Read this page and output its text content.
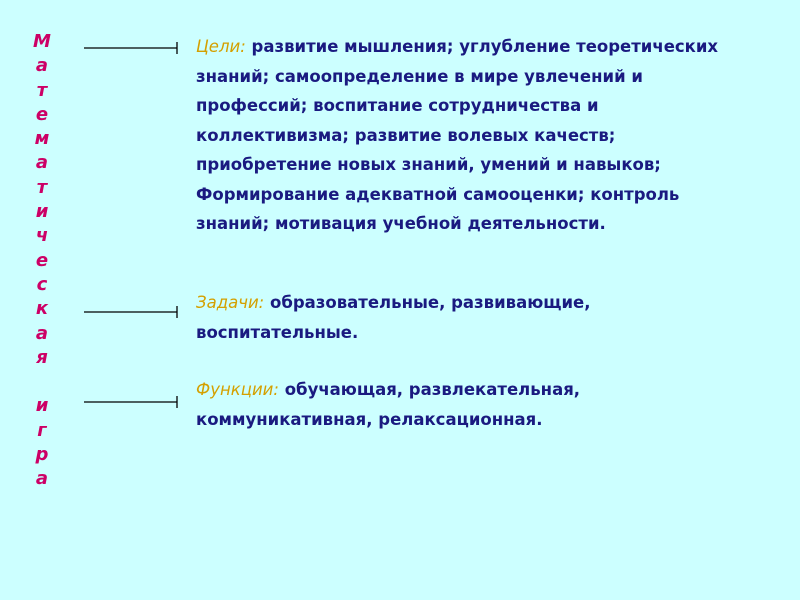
М
а
т
е
м
а
т
и
ч
е
с
к
а
я
и
г
р
а
Цели: развитие мышления; углубление теоретических
знаний; самоопределение в мире увлечений и
профессий; воспитание сотрудничества и
коллективизма; развитие волевых качеств;
приобретение новых знаний, умений и навыков;
Формирование адекватной самооценки; контроль
знаний; мотивация учебной деятельности.
Задачи: образовательные, развивающие,
воспитательные.
Функции: обучающая, развлекательная,
коммуникативная, релаксационная.
